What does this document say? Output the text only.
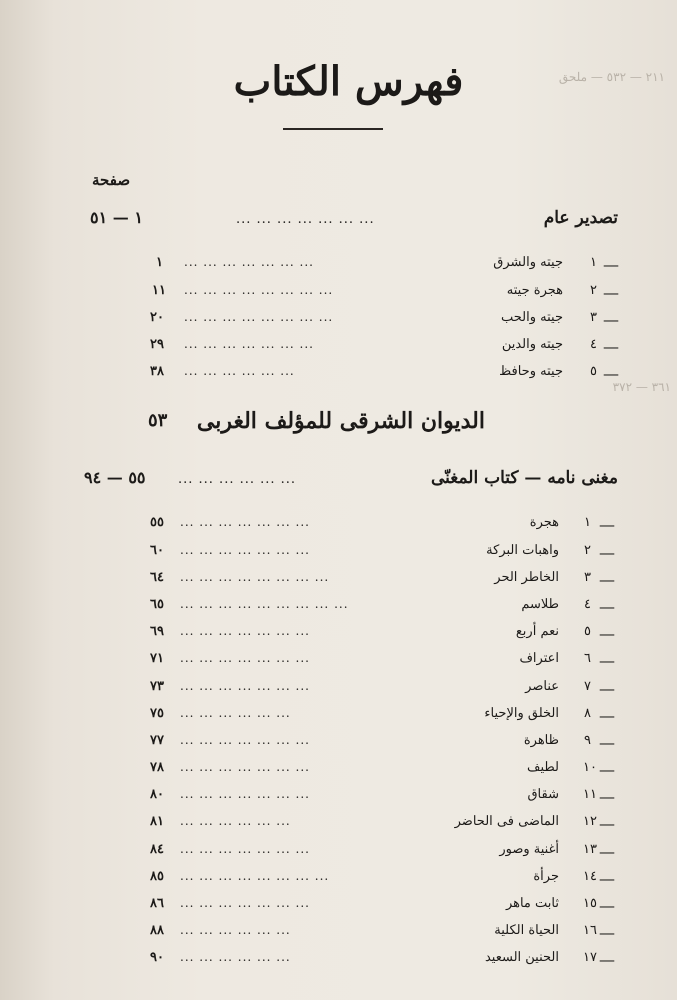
٢١١ — ٥٣٢ — ملحق
٣٦١ — ٣٧٢
فهرس الكتاب
صفحة
تصدير عام
... ... ... ... ... ... ...
١ — ٥١
١ —
جيته والشرق
... ... ... ... ... ... ...
١
٢ —
هجرة جيته
... ... ... ... ... ... ... ...
١١
٣ —
جيته والحب
... ... ... ... ... ... ... ...
٢٠
٤ —
جيته والدين
... ... ... ... ... ... ...
٢٩
٥ —
جيته وحافظ
... ... ... ... ... ...
٣٨
الديوان الشرقى للمؤلف الغربى
٥٣
مغنى نامه — كتاب المغنّى
... ... ... ... ... ...
٥٥ — ٩٤
١ —
هجرة
... ... ... ... ... ... ...
٥٥
٢ —
واهبات البركة
... ... ... ... ... ... ...
٦٠
٣ —
الخاطر الحر
... ... ... ... ... ... ... ...
٦٤
٤ —
طلاسم
... ... ... ... ... ... ... ... ...
٦٥
٥ —
نعم أربع
... ... ... ... ... ... ...
٦٩
٦ —
اعتراف
... ... ... ... ... ... ...
٧١
٧ —
عناصر
... ... ... ... ... ... ...
٧٣
٨ —
الخلق والإحياء
... ... ... ... ... ...
٧٥
٩ —
ظاهرة
... ... ... ... ... ... ...
٧٧
١٠ —
لطيف
... ... ... ... ... ... ...
٧٨
١١ —
شقاق
... ... ... ... ... ... ...
٨٠
١٢ —
الماضى فى الحاضر
... ... ... ... ... ...
٨١
١٣ —
أغنية وصور
... ... ... ... ... ... ...
٨٤
١٤ —
جرأة
... ... ... ... ... ... ... ...
٨٥
١٥ —
ثابت ماهر
... ... ... ... ... ... ...
٨٦
١٦ —
الحياة الكلية
... ... ... ... ... ...
٨٨
١٧ —
الحنين السعيد
... ... ... ... ... ...
٩٠
